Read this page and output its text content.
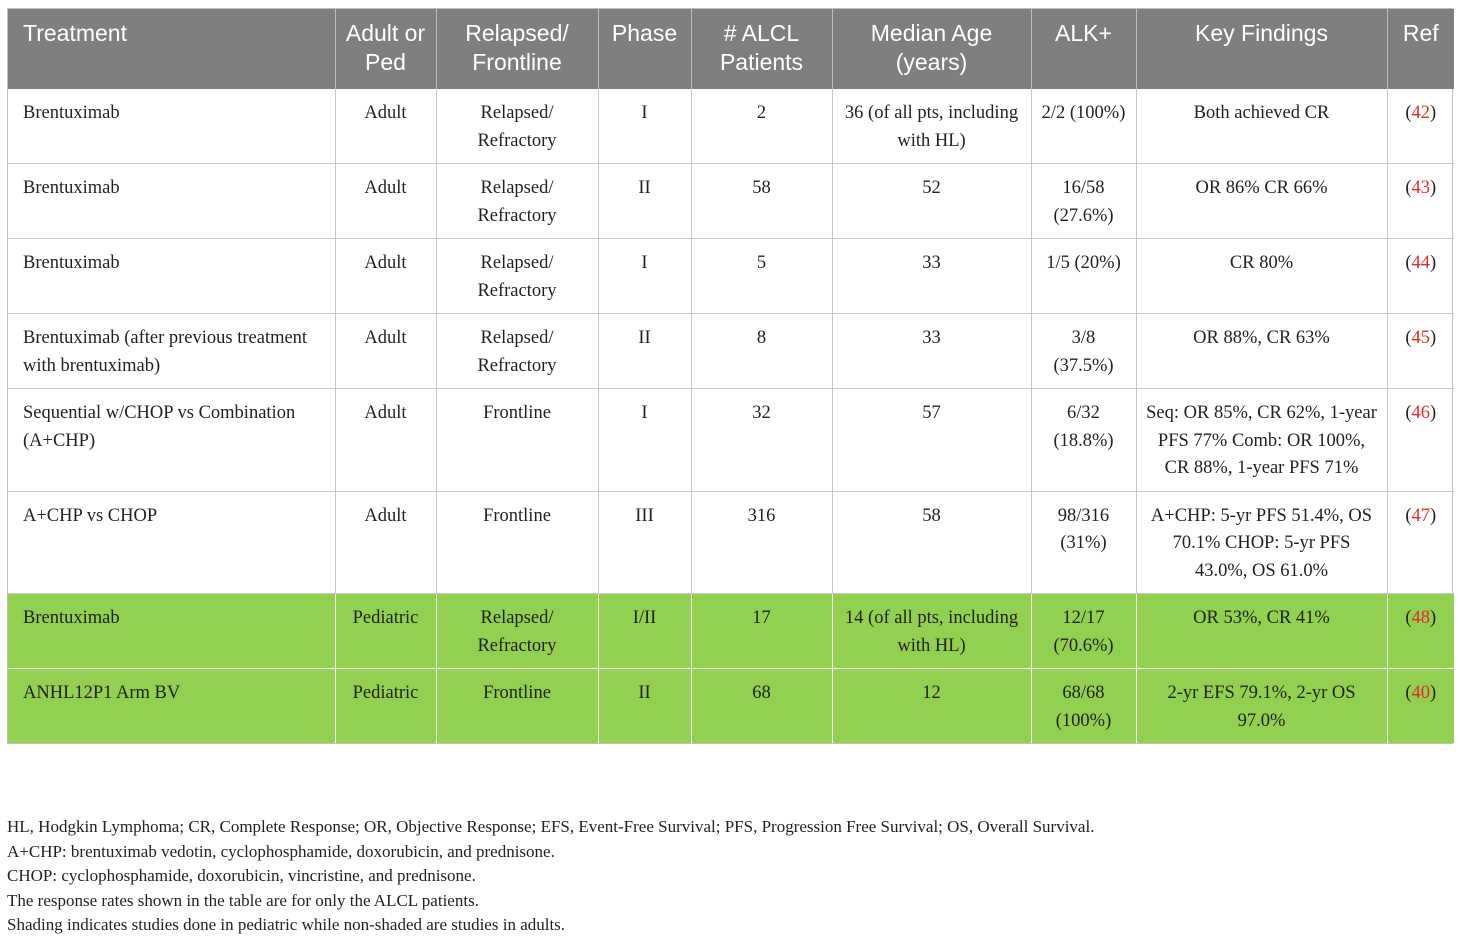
Treatment	Adult or Ped	Relapsed/ Frontline	Phase	# ALCL Patients	Median Age (years)	ALK+	Key Findings	Ref
Brentuximab	Adult	Relapsed/ Refractory	I	2	36 (of all pts, including with HL)	2/2 (100%)	Both achieved CR	(42)
Brentuximab	Adult	Relapsed/ Refractory	II	58	52	16/58 (27.6%)	OR 86% CR 66%	(43)
Brentuximab	Adult	Relapsed/ Refractory	I	5	33	1/5 (20%)	CR 80%	(44)
Brentuximab (after previous treatment with brentuximab)	Adult	Relapsed/ Refractory	II	8	33	3/8 (37.5%)	OR 88%, CR 63%	(45)
Sequential w/CHOP vs Combination (A+CHP)	Adult	Frontline	I	32	57	6/32 (18.8%)	Seq: OR 85%, CR 62%, 1-year PFS 77% Comb: OR 100%, CR 88%, 1-year PFS 71%	(46)
A+CHP vs CHOP	Adult	Frontline	III	316	58	98/316 (31%)	A+CHP: 5-yr PFS 51.4%, OS 70.1% CHOP: 5-yr PFS 43.0%, OS 61.0%	(47)
Brentuximab	Pediatric	Relapsed/ Refractory	I/II	17	14 (of all pts, including with HL)	12/17 (70.6%)	OR 53%, CR 41%	(48)
ANHL12P1 Arm BV	Pediatric	Frontline	II	68	12	68/68 (100%)	2-yr EFS 79.1%, 2-yr OS 97.0%	(40)

HL, Hodgkin Lymphoma; CR, Complete Response; OR, Objective Response; EFS, Event-Free Survival; PFS, Progression Free Survival; OS, Overall Survival.

A+CHP: brentuximab vedotin, cyclophosphamide, doxorubicin, and prednisone.

CHOP: cyclophosphamide, doxorubicin, vincristine, and prednisone.

The response rates shown in the table are for only the ALCL patients.

Shading indicates studies done in pediatric while non-shaded are studies in adults.
